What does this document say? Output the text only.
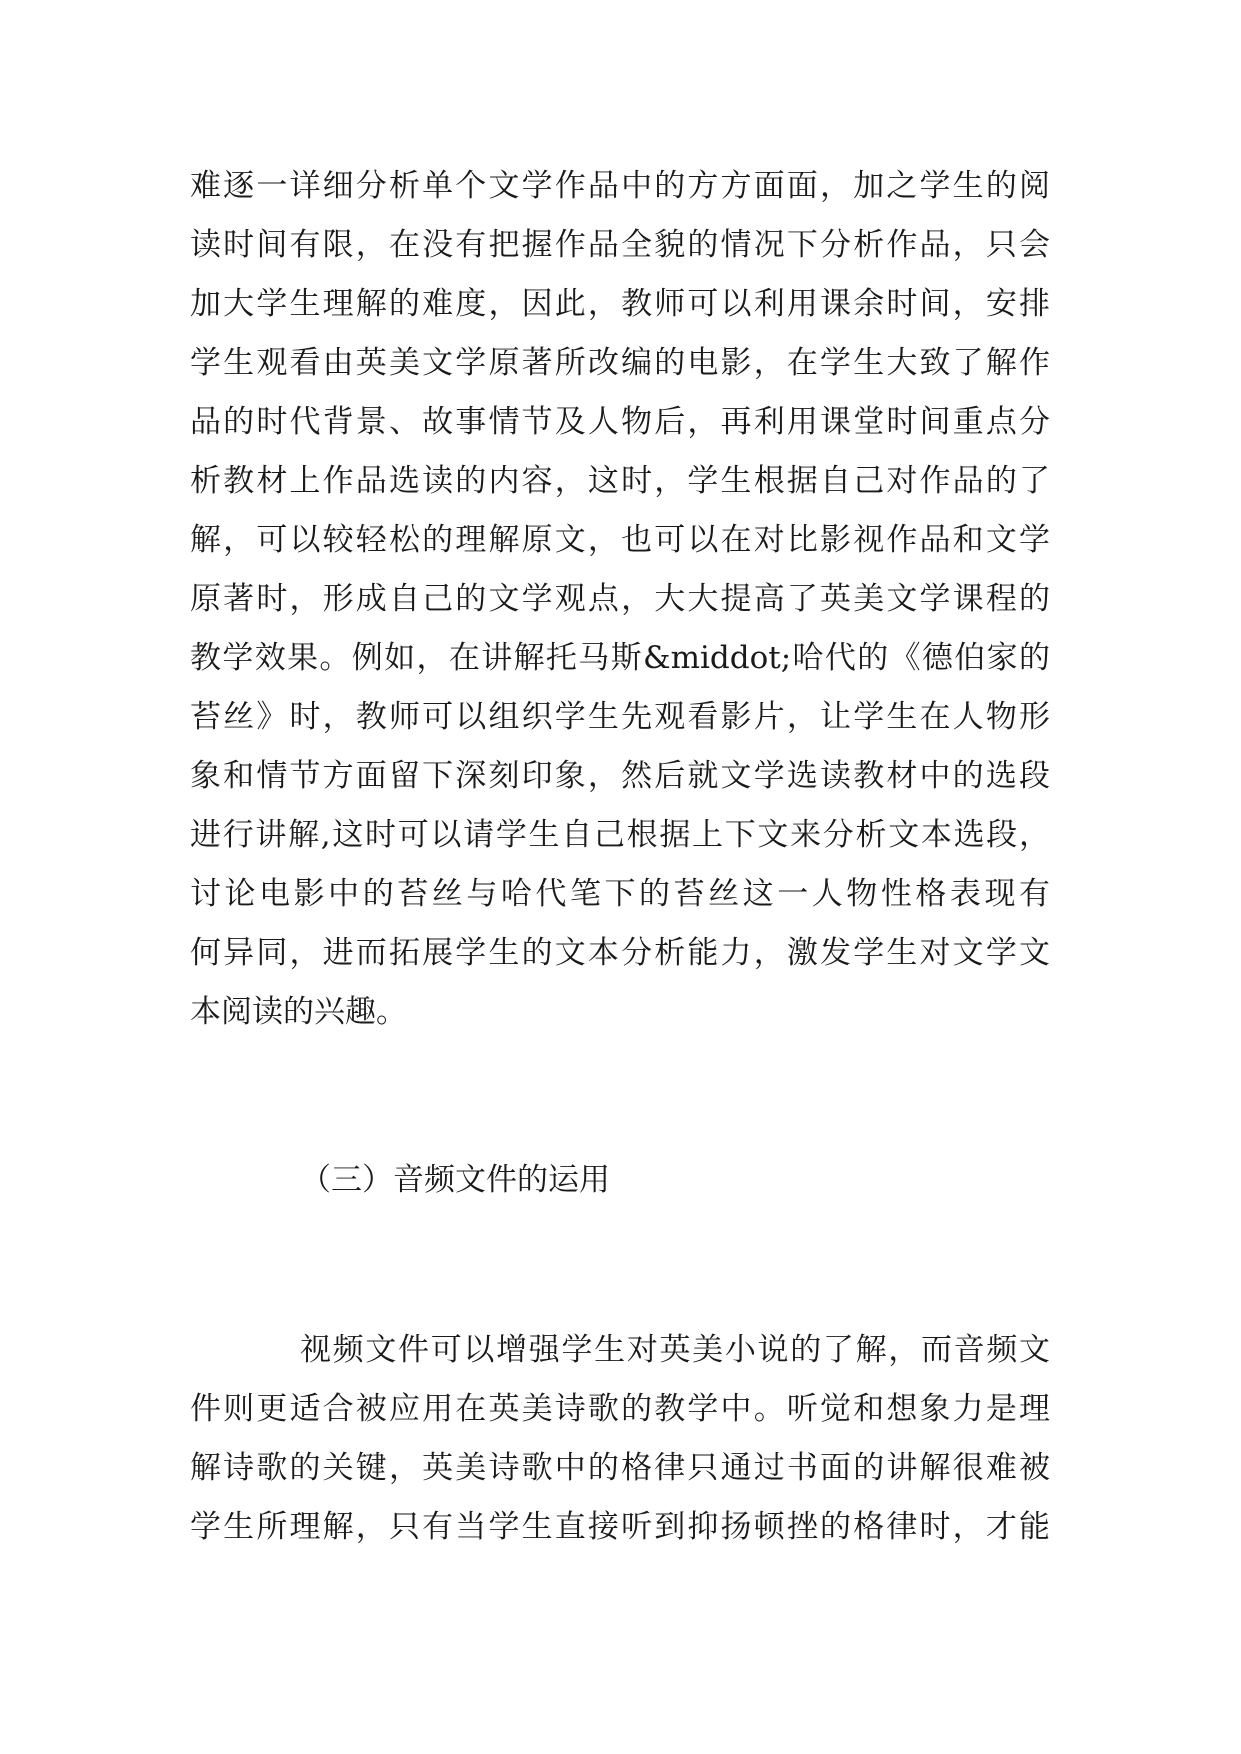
难逐一详细分析单个文学作品中的方方面面，加之学生的阅
读时间有限，在没有把握作品全貌的情况下分析作品，只会
加大学生理解的难度，因此，教师可以利用课余时间，安排
学生观看由英美文学原著所改编的电影，在学生大致了解作
品的时代背景、故事情节及人物后，再利用课堂时间重点分
析教材上作品选读的内容，这时，学生根据自己对作品的了
解，可以较轻松的理解原文，也可以在对比影视作品和文学
原著时，形成自己的文学观点，大大提高了英美文学课程的
教学效果。例如，在讲解托马斯&middot;哈代的《德伯家的
苔丝》时，教师可以组织学生先观看影片，让学生在人物形
象和情节方面留下深刻印象，然后就文学选读教材中的选段
进行讲解,这时可以请学生自己根据上下文来分析文本选段，
讨论电影中的苔丝与哈代笔下的苔丝这一人物性格表现有
何异同，进而拓展学生的文本分析能力，激发学生对文学文
本阅读的兴趣。
（三）音频文件的运用
视频文件可以增强学生对英美小说的了解，而音频文
件则更适合被应用在英美诗歌的教学中。听觉和想象力是理
解诗歌的关键，英美诗歌中的格律只通过书面的讲解很难被
学生所理解，只有当学生直接听到抑扬顿挫的格律时，才能
